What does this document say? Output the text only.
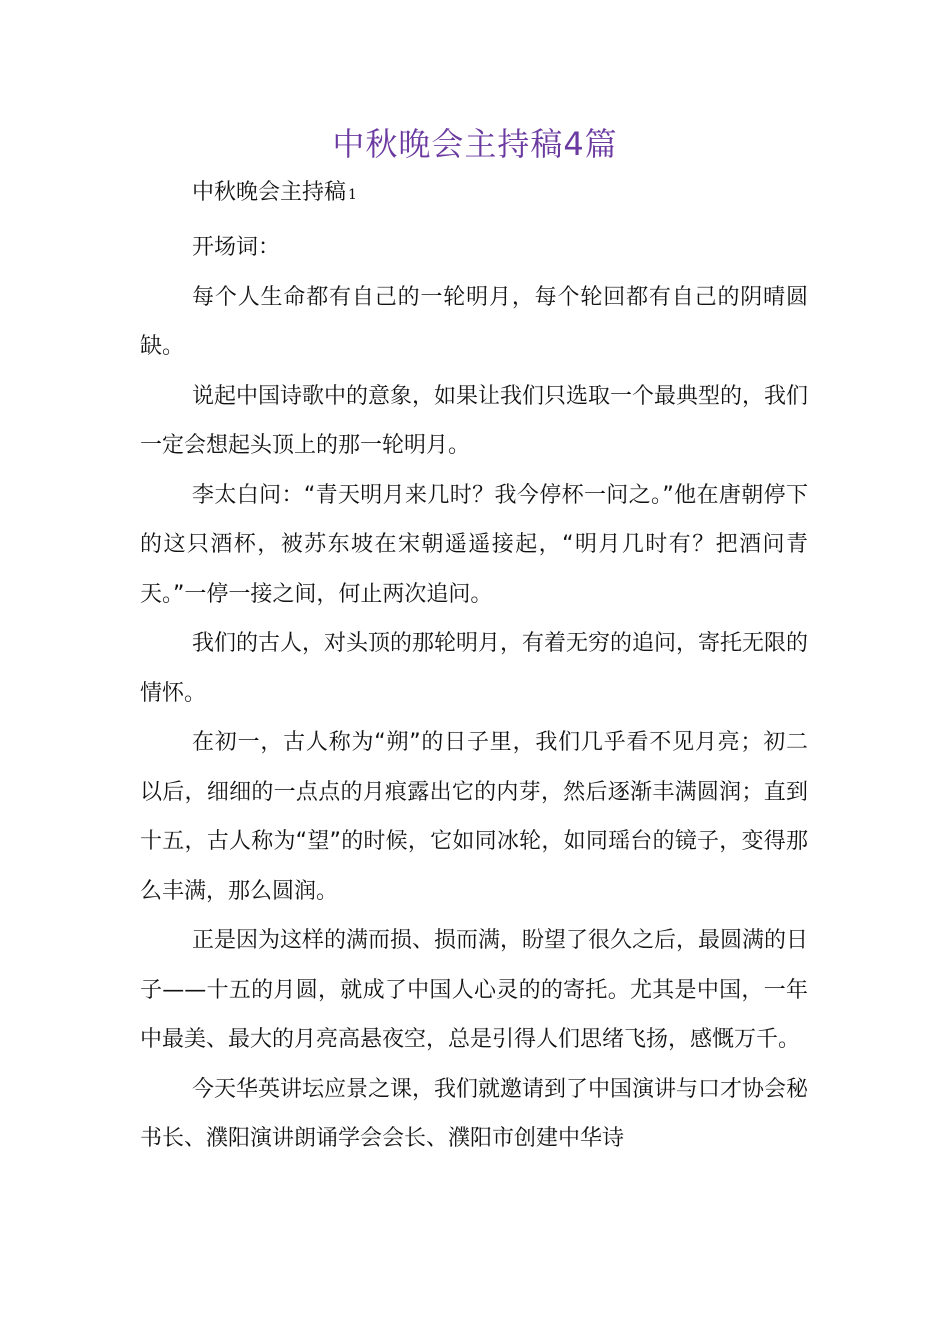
中秋晚会主持稿4篇
中秋晚会主持稿 1

开场词：

每个人生命都有自己的一轮明月，每个轮回都有自己的阴晴圆缺。

说起中国诗歌中的意象，如果让我们只选取一个最典型的，我们一定会想起头顶上的那一轮明月。

李太白问：“青天明月来几时？我今停杯一问之。”他在唐朝停下的这只酒杯，被苏东坡在宋朝遥遥接起，“明月几时有？把酒问青天。”一停一接之间，何止两次追问。

我们的古人，对头顶的那轮明月，有着无穷的追问，寄托无限的情怀。

在初一，古人称为“朔”的日子里，我们几乎看不见月亮；初二以后，细细的一点点的月痕露出它的内芽，然后逐渐丰满圆润；直到十五，古人称为“望”的时候，它如同冰轮，如同瑶台的镜子，变得那么丰满，那么圆润。

正是因为这样的满而损、损而满，盼望了很久之后，最圆满的日子——十五的月圆，就成了中国人心灵的的寄托。尤其是中国，一年中最美、最大的月亮高悬夜空，总是引得人们思绪飞扬，感慨万千。

今天华英讲坛应景之课，我们就邀请到了中国演讲与口才协会秘书长、濮阳演讲朗诵学会会长、濮阳市创建中华诗
